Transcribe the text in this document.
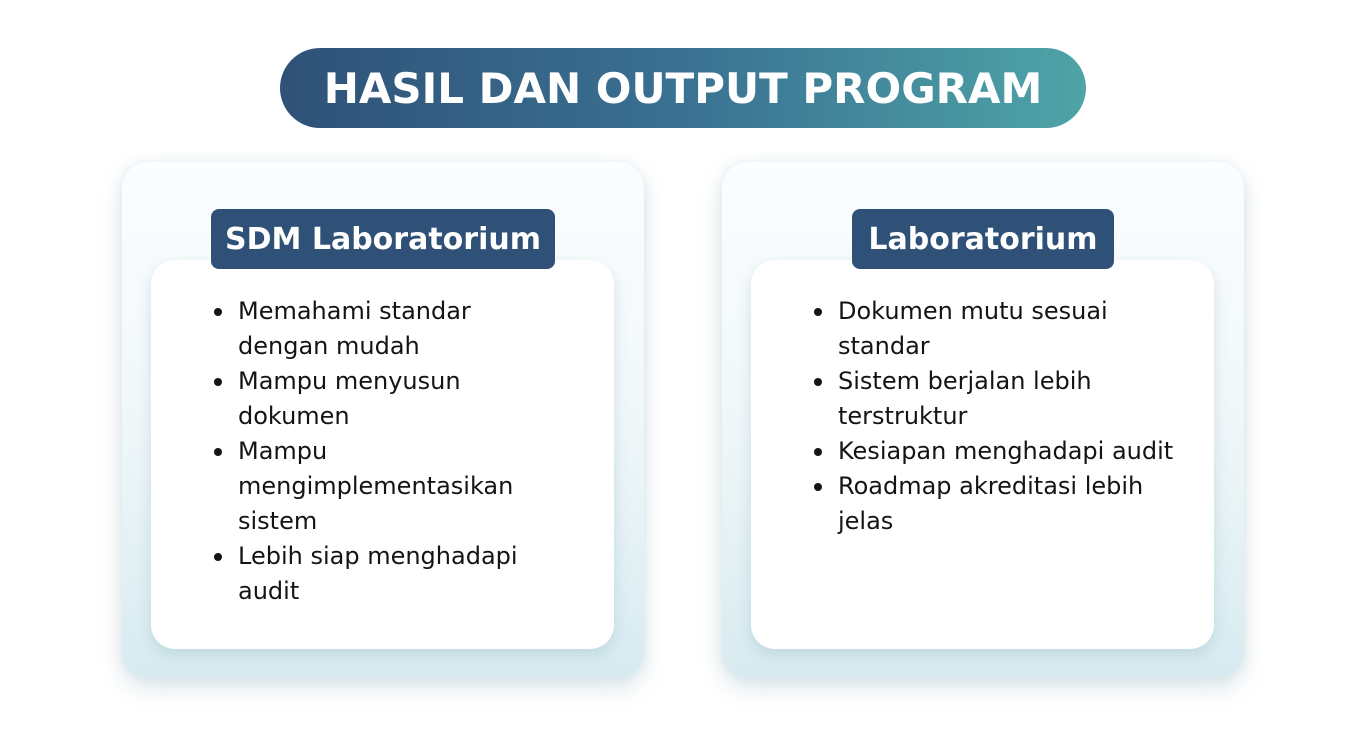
HASIL DAN OUTPUT PROGRAM
SDM Laboratorium
Memahami standar dengan mudah
Mampu menyusun dokumen
Mampu mengimplementasikan sistem
Lebih siap menghadapi audit
Laboratorium
Dokumen mutu sesuai standar
Sistem berjalan lebih terstruktur
Kesiapan menghadapi audit
Roadmap akreditasi lebih jelas
